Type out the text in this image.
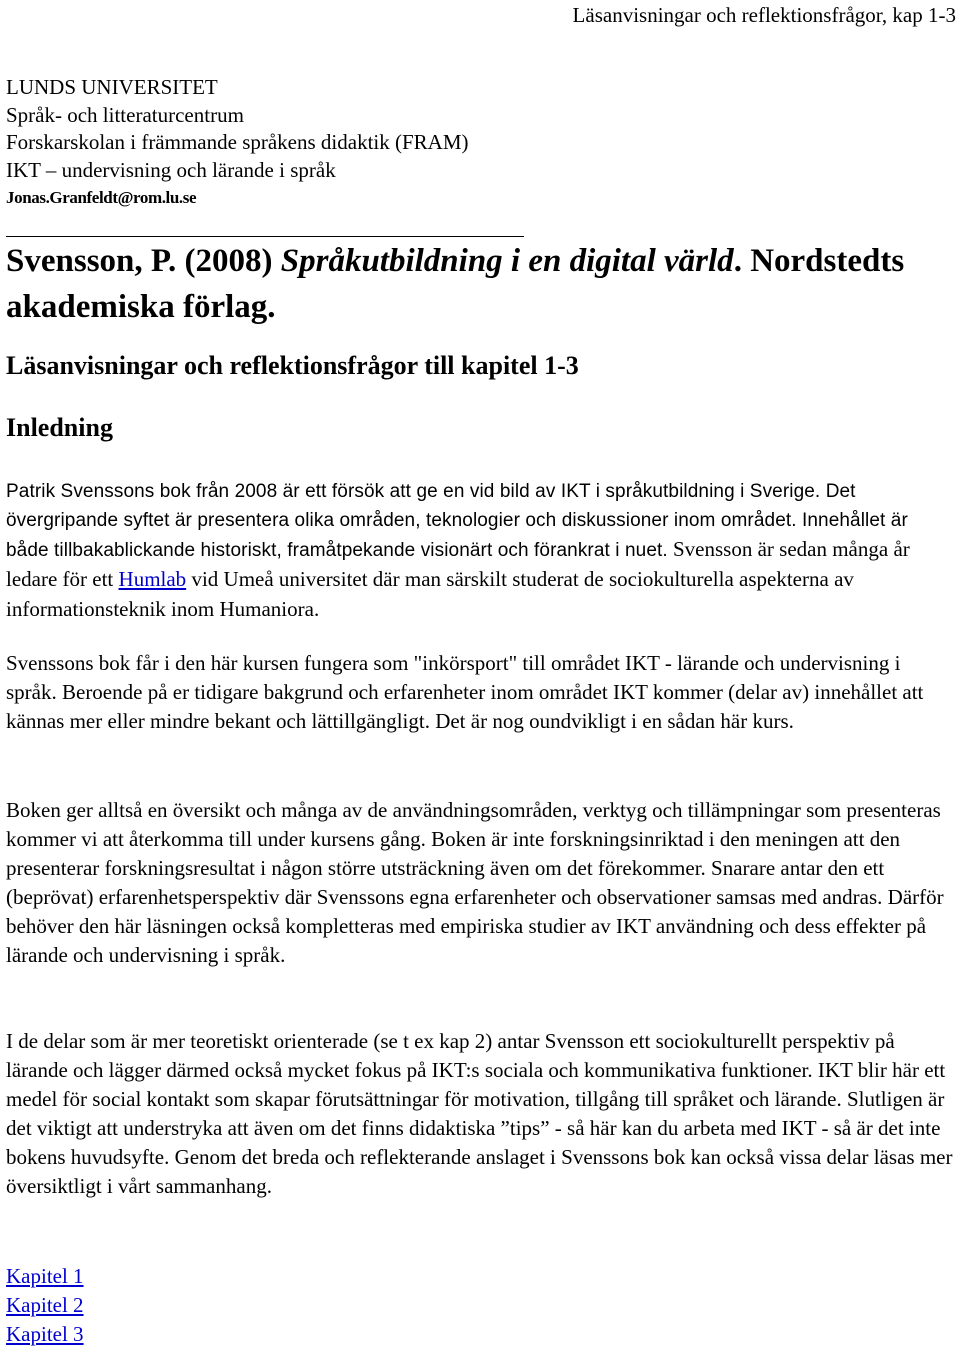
Läsanvisningar och reflektionsfrågor, kap 1-3
LUNDS UNIVERSITET
Språk- och litteraturcentrum
Forskarskolan i främmande språkens didaktik (FRAM)
IKT – undervisning och lärande i språk
Jonas.Granfeldt@rom.lu.se

Svensson, P. (2008) Språkutbildning i en digital värld. Nordstedts akademiska förlag.

Läsanvisningar och reflektionsfrågor till kapitel 1-3
Inledning

Patrik Svenssons bok från 2008 är ett försök att ge en vid bild av IKT i språkutbildning i Sverige. Det övergripande syftet är presentera olika områden, teknologier och diskussioner inom området. Innehållet är både tillbakablickande historiskt, framåtpekande visionärt och förankrat i nuet. Svensson är sedan många år ledare för ett Humlab vid Umeå universitet där man särskilt studerat de sociokulturella aspekterna av informationsteknik inom Humaniora.

Svenssons bok får i den här kursen fungera som "inkörsport" till området IKT - lärande och undervisning i språk. Beroende på er tidigare bakgrund och erfarenheter inom området IKT kommer (delar av) innehållet att kännas mer eller mindre bekant och lättillgängligt. Det är nog oundvikligt i en sådan här kurs.

Boken ger alltså en översikt och många av de användningsområden, verktyg och tillämpningar som presenteras kommer vi att återkomma till under kursens gång. Boken är inte forskningsinriktad i den meningen att den presenterar forskningsresultat i någon större utsträckning även om det förekommer. Snarare antar den ett (beprövat) erfarenhetsperspektiv där Svenssons egna erfarenheter och observationer samsas med andras. Därför behöver den här läsningen också kompletteras med empiriska studier av IKT användning och dess effekter på lärande och undervisning i språk.

I de delar som är mer teoretiskt orienterade (se t ex kap 2) antar Svensson ett sociokulturellt perspektiv på lärande och lägger därmed också mycket fokus på IKT:s sociala och kommunikativa funktioner. IKT blir här ett medel för social kontakt som skapar förutsättningar för motivation, tillgång till språket och lärande. Slutligen är det viktigt att understryka att även om det finns didaktiska ”tips” - så här kan du arbeta med IKT - så är det inte bokens huvudsyfte. Genom det breda och reflekterande anslaget i Svenssons bok kan också vissa delar läsas mer översiktligt i vårt sammanhang.

Kapitel 1
Kapitel 2
Kapitel 3
